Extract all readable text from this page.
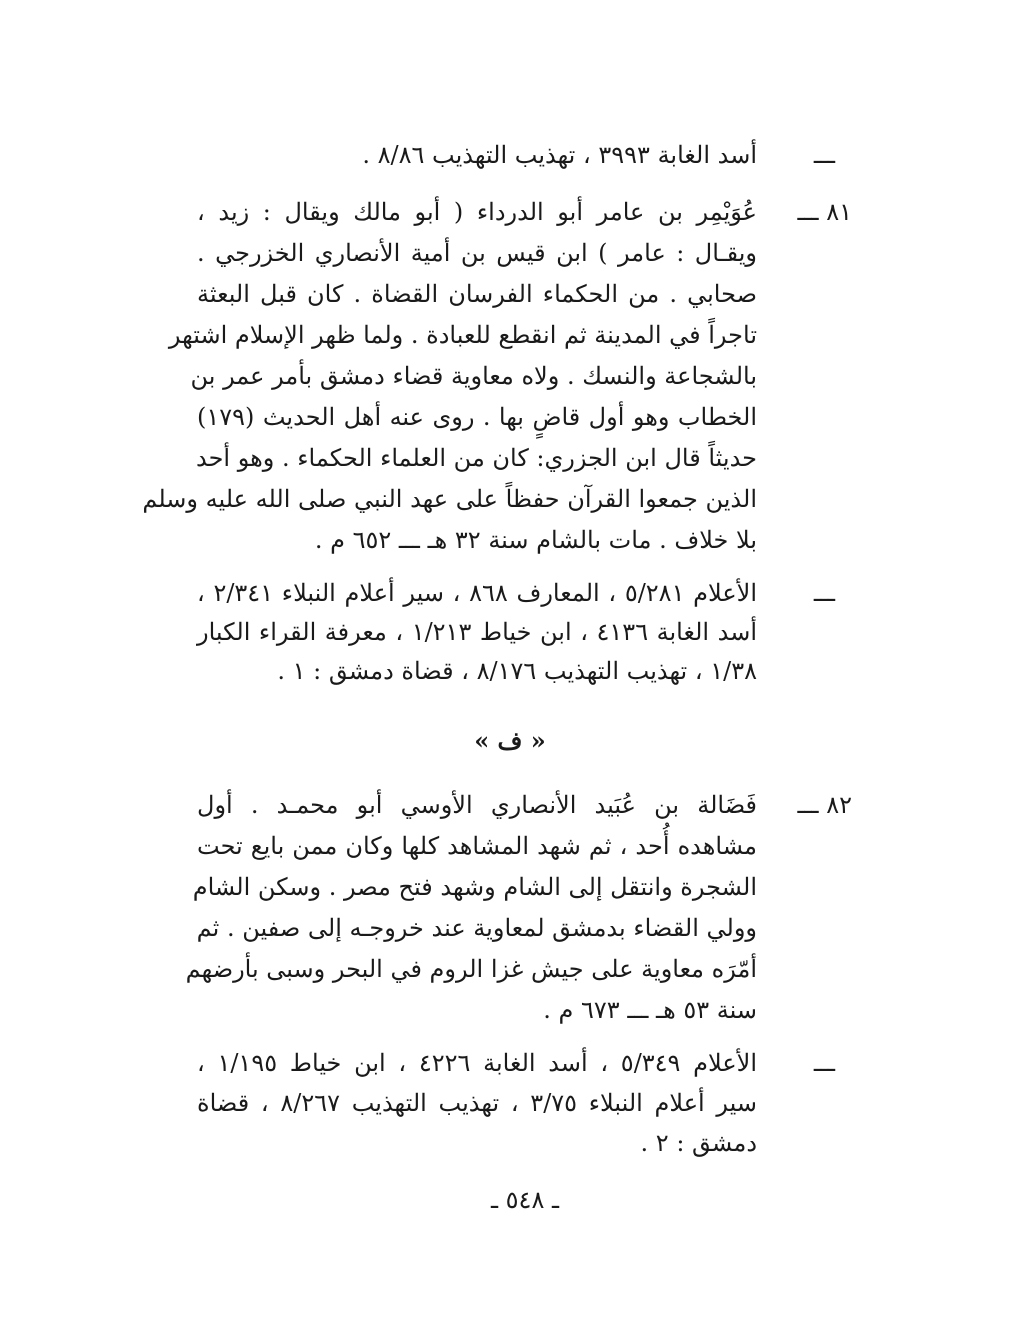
ـــ
أسد الغابة ٣٩٩٣ ، تهذيب التهذيب ٨/٨٦ .
٨١ ـــ
عُوَيْمِر بن عامر أبو الدرداء ( أبو مالك ويقال : زيد ،
ويقـال : عامر ) ابن قيس بن أمية الأنصاري الخزرجي .
صحابي . من الحكماء الفرسان القضاة . كان قبل البعثة
تاجراً في المدينة ثم انقطع للعبادة . ولما ظهر الإسلام اشتهر
بالشجاعة والنسك . ولاه معاوية قضاء دمشق بأمر عمر بن
الخطاب وهو أول قاضٍ بها . روى عنه أهل الحديث (١٧٩)
حديثاً قال ابن الجزري: كان من العلماء الحكماء . وهو أحد
الذين جمعوا القرآن حفظاً على عهد النبي صلى الله عليه وسلم
بلا خلاف . مات بالشام سنة ٣٢ هـ ـــ ٦٥٢ م .
ـــ
الأعلام ٥/٢٨١ ، المعارف ٨٦٨ ، سير أعلام النبلاء ٢/٣٤١ ،
أسد الغابة ٤١٣٦ ، ابن خياط ١/٢١٣ ، معرفة القراء الكبار
١/٣٨ ، تهذيب التهذيب ٨/١٧٦ ، قضاة دمشق : ١ .
« ف »
٨٢ ـــ
فَضَالة بن عُبَيد الأنصاري الأوسي أبو محمـد . أول
مشاهده أُحد ، ثم شهد المشاهد كلها وكان ممن بايع تحت
الشجرة وانتقل إلى الشام وشهد فتح مصر . وسكن الشام
وولي القضاء بدمشق لمعاوية عند خروجـه إلى صفين . ثم
أمّرَه معاوية على جيش غزا الروم في البحر وسبى بأرضهم
سنة ٥٣ هـ ـــ ٦٧٣ م .
ـــ
الأعلام ٥/٣٤٩ ، أسد الغابة ٤٢٢٦ ، ابن خياط ١/١٩٥ ،
سير أعلام النبلاء ٣/٧٥ ، تهذيب التهذيب ٨/٢٦٧ ، قضاة
دمشق : ٢ .
ـ ٥٤٨ ـ
